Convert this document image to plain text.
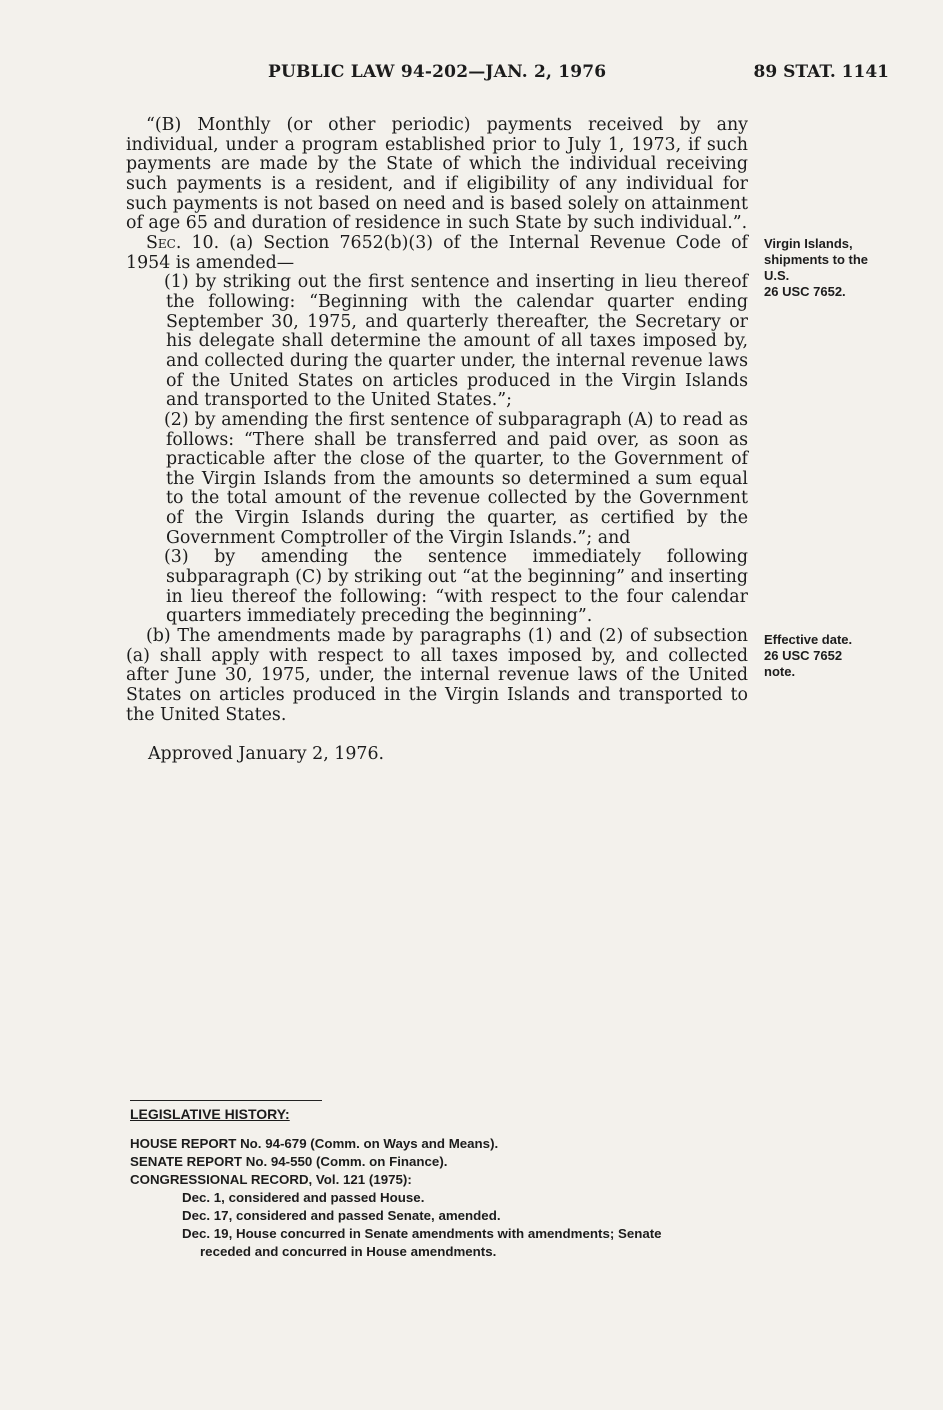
PUBLIC LAW 94-202—JAN. 2, 1976	89 STAT. 1141

“(B) Monthly (or other periodic) payments received by any individual, under a program established prior to July 1, 1973, if such payments are made by the State of which the individual receiving such payments is a resident, and if eligibility of any individual for such payments is not based on need and is based solely on attainment of age 65 and duration of residence in such State by such individual.”.

Sec. 10. (a) Section 7652(b)(3) of the Internal Revenue Code of 1954 is amended—

(1) by striking out the first sentence and inserting in lieu thereof the following: “Beginning with the calendar quarter ending September 30, 1975, and quarterly thereafter, the Secretary or his delegate shall determine the amount of all taxes imposed by, and collected during the quarter under, the internal revenue laws of the United States on articles produced in the Virgin Islands and transported to the United States.”;

(2) by amending the first sentence of subparagraph (A) to read as follows: “There shall be transferred and paid over, as soon as practicable after the close of the quarter, to the Government of the Virgin Islands from the amounts so determined a sum equal to the total amount of the revenue collected by the Government of the Virgin Islands during the quarter, as certified by the Government Comptroller of the Virgin Islands.”; and

(3) by amending the sentence immediately following subparagraph (C) by striking out “at the beginning” and inserting in lieu thereof the following: “with respect to the four calendar quarters immediately preceding the beginning”.

(b) The amendments made by paragraphs (1) and (2) of subsection (a) shall apply with respect to all taxes imposed by, and collected after June 30, 1975, under, the internal revenue laws of the United States on articles produced in the Virgin Islands and transported to the United States.

Approved January 2, 1976.
Virgin Islands,
shipments to the
U.S.
26 USC 7652.
Effective date.
26 USC 7652
note.
LEGISLATIVE HISTORY:
HOUSE REPORT No. 94-679 (Comm. on Ways and Means).
SENATE REPORT No. 94-550 (Comm. on Finance).
CONGRESSIONAL RECORD, Vol. 121 (1975):
Dec. 1, considered and passed House.
Dec. 17, considered and passed Senate, amended.
Dec. 19, House concurred in Senate amendments with amendments; Senate
receded and concurred in House amendments.
